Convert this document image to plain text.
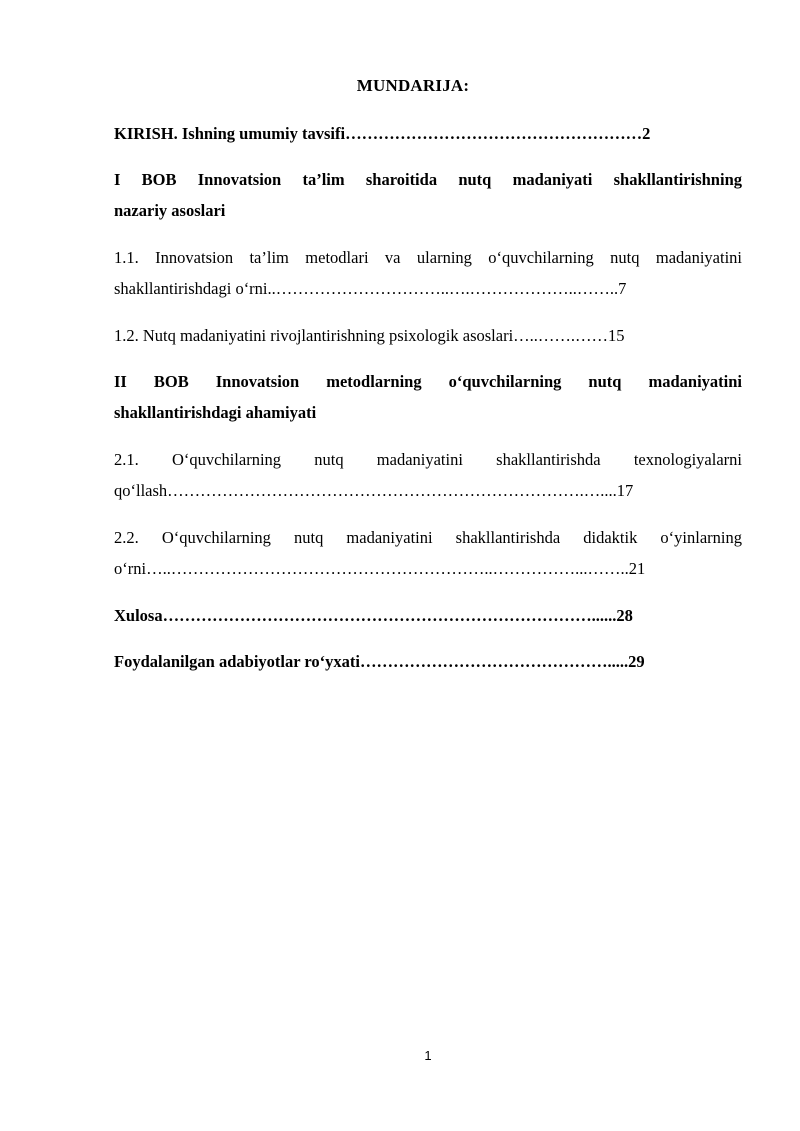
MUNDARIJA:
KIRISH. Ishning umumiy tavsifi………………………………………………2
I BOB Innovatsion ta’lim sharoitida nutq madaniyati shakllantirishning
nazariy asoslari
1.1. Innovatsion ta’lim metodlari va ularning o‘quvchilarning nutq madaniyatini
shakllantirishdagi o‘rni..…………………………..….………………..……..7
1.2. Nutq madaniyatini rivojlantirishning psixologik asoslari…..…….……15
II BOB Innovatsion metodlarning o‘quvchilarning nutq madaniyatini
shakllantirishdagi ahamiyati
2.1. O‘quvchilarning nutq madaniyatini shakllantirishda texnologiyalarni
qo‘llash………………………………………………………………….…....17
2.2. O‘quvchilarning nutq madaniyatini shakllantirishda didaktik o‘yinlarning
o‘rni…..…………………………………………………..……………...……..21
Xulosa……………………………………………………………………......28
Foydalanilgan adabiyotlar ro‘yxati……………………………………….....29
1
